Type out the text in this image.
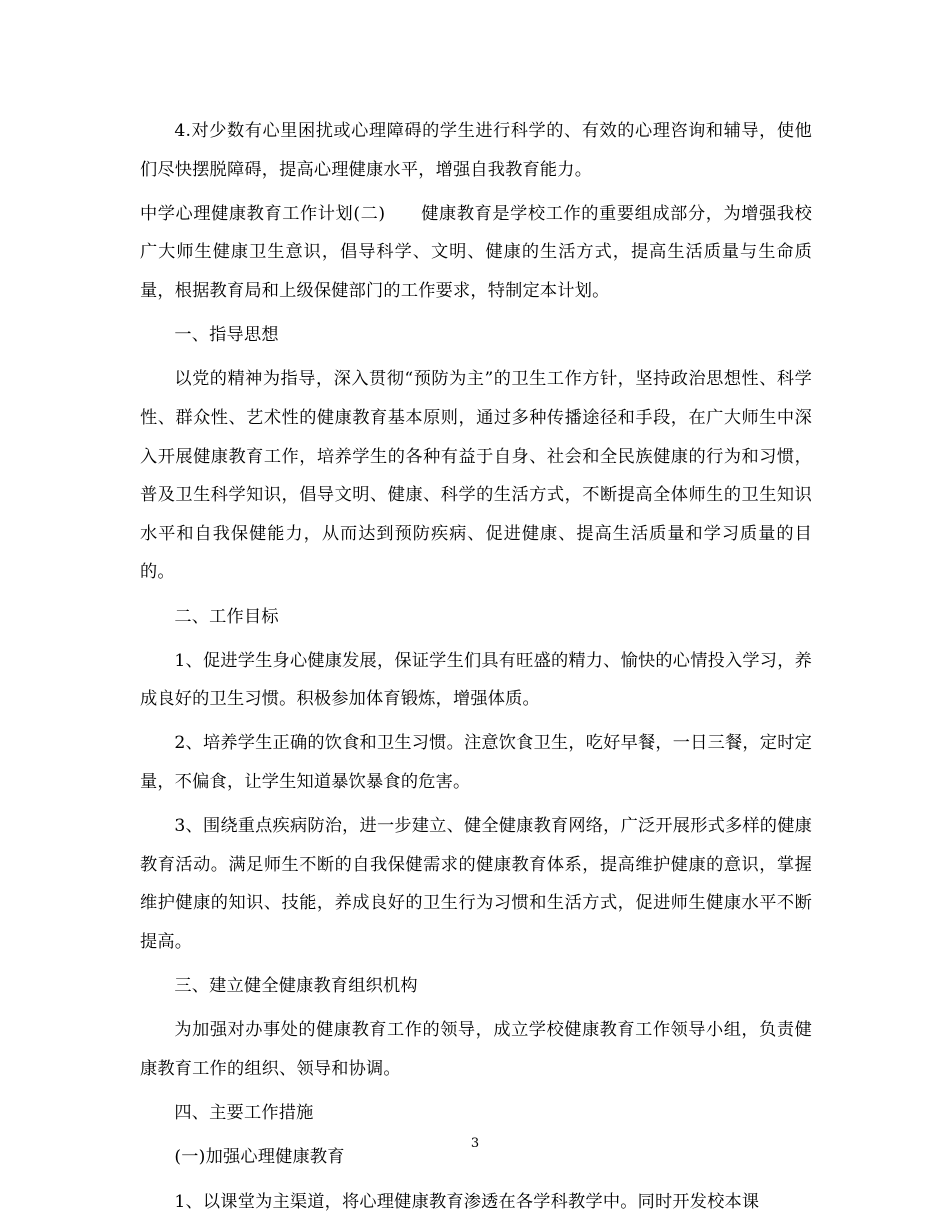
4.对少数有心里困扰或心理障碍的学生进行科学的、有效的心理咨询和辅导，使他们尽快摆脱障碍，提高心理健康水平，增强自我教育能力。

中学心理健康教育工作计划(二)　　健康教育是学校工作的重要组成部分，为增强我校广大师生健康卫生意识，倡导科学、文明、健康的生活方式，提高生活质量与生命质量，根据教育局和上级保健部门的工作要求，特制定本计划。

一、指导思想

以党的精神为指导，深入贯彻“预防为主”的卫生工作方针，坚持政治思想性、科学性、群众性、艺术性的健康教育基本原则，通过多种传播途径和手段，在广大师生中深入开展健康教育工作，培养学生的各种有益于自身、社会和全民族健康的行为和习惯，普及卫生科学知识，倡导文明、健康、科学的生活方式，不断提高全体师生的卫生知识水平和自我保健能力，从而达到预防疾病、促进健康、提高生活质量和学习质量的目的。

二、工作目标

1、促进学生身心健康发展，保证学生们具有旺盛的精力、愉快的心情投入学习，养成良好的卫生习惯。积极参加体育锻炼，增强体质。

2、培养学生正确的饮食和卫生习惯。注意饮食卫生，吃好早餐，一日三餐，定时定量，不偏食，让学生知道暴饮暴食的危害。

3、围绕重点疾病防治，进一步建立、健全健康教育网络，广泛开展形式多样的健康教育活动。满足师生不断的自我保健需求的健康教育体系，提高维护健康的意识，掌握维护健康的知识、技能，养成良好的卫生行为习惯和生活方式，促进师生健康水平不断提高。

三、建立健全健康教育组织机构

为加强对办事处的健康教育工作的领导，成立学校健康教育工作领导小组，负责健康教育工作的组织、领导和协调。

四、主要工作措施

(一)加强心理健康教育

1、以课堂为主渠道，将心理健康教育渗透在各学科教学中。同时开发校本课

3
